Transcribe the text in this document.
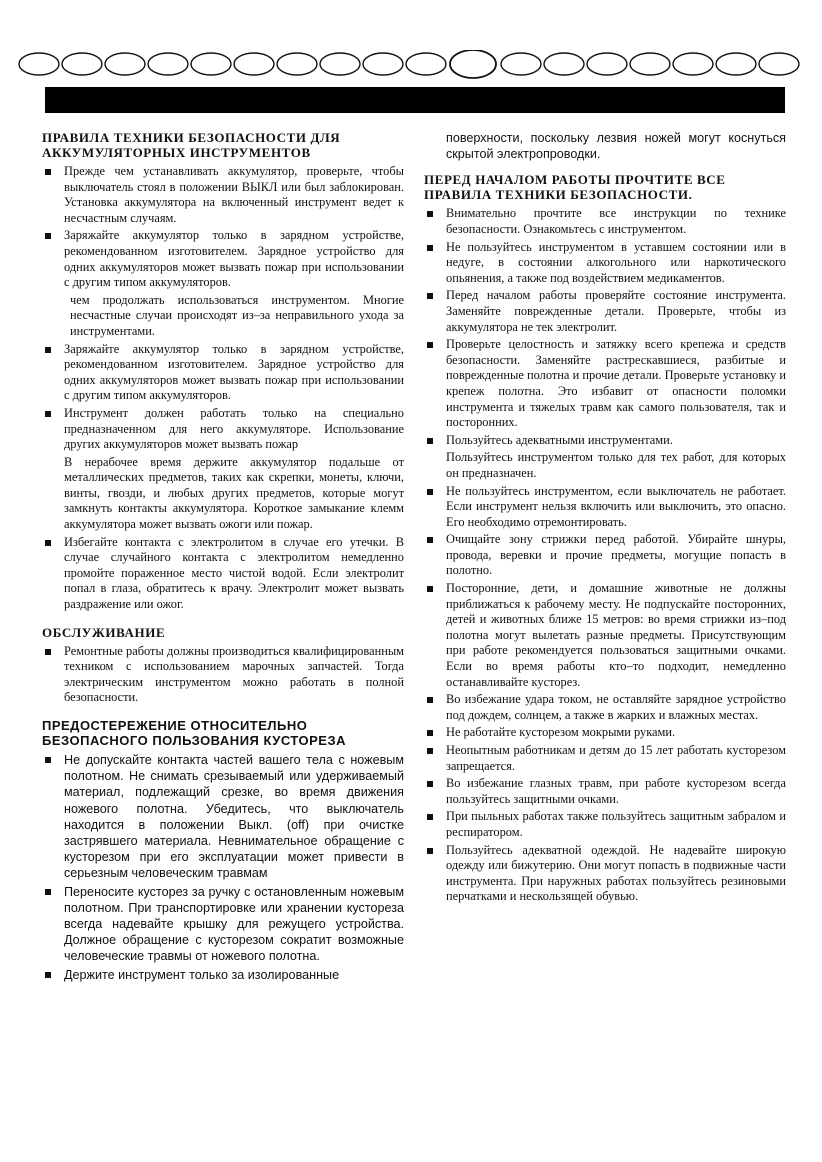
ПРАВИЛА ТЕХНИКИ БЕЗОПАСНОСТИ ДЛЯ АККУМУЛЯТОРНЫХ ИНСТРУМЕНТОВ
Прежде чем устанавливать аккумулятор, проверьте, чтобы выключатель стоял в положении ВЫКЛ или был заблокирован. Установка аккумулятора на включенный инструмент ведет к несчастным случаям.
Заряжайте аккумулятор только в зарядном устройстве, рекомендованном изготовителем. Зарядное устройство для одних аккумуляторов может вызвать пожар при использовании с другим типом аккумуляторов.
чем продолжать использоваться инструментом. Многие несчастные случаи происходят из–за неправильного ухода за инструментами.
Заряжайте аккумулятор только в зарядном устройстве, рекомендованном изготовителем. Зарядное устройство для одних аккумуляторов может вызвать пожар при использовании с другим типом аккумуляторов.
Инструмент должен работать только на специально предназначенном для него аккумуляторе. Использование других аккумуляторов может вызвать пожар
В нерабочее время держите аккумулятор подальше от металлических предметов, таких как скрепки, монеты, ключи, винты, гвозди, и любых других предметов, которые могут замкнуть контакты аккумулятора. Короткое замыкание клемм аккумулятора может вызвать ожоги или пожар.
Избегайте контакта с электролитом в случае его утечки. В случае случайного контакта с электролитом немедленно промойте пораженное место чистой водой. Если электролит попал в глаза, обратитесь к врачу. Электролит может вызвать раздражение или ожог.
ОБСЛУЖИВАНИЕ
Ремонтные работы должны производиться квалифицированным техником с использованием марочных запчастей. Тогда электрическим инструментом можно работать в полной безопасности.
ПРЕДОСТЕРЕЖЕНИЕ ОТНОСИТЕЛЬНО БЕЗОПАСНОГО ПОЛЬЗОВАНИЯ КУСТОРЕЗА
Не допускайте контакта частей вашего тела с ножевым полотном. Не снимать срезываемый или удерживаемый материал, подлежащий срезке, во время движения ножевого полотна. Убедитесь, что выключатель находится в положении Выкл. (off) при очистке застрявшего материала. Невнимательное обращение с кусторезом при его эксплуатации может привести в серьезным человеческим травмам
Переносите кусторез за ручку с остановленным ножевым полотном. При транспортировке или хранении кустореза всегда надевайте крышку для режущего устройства. Должное обращение с кусторезом сократит возможные человеческие травмы от ножевого полотна.
Держите инструмент только за изолированные
поверхности, поскольку лезвия ножей могут коснуться скрытой электропроводки.
ПЕРЕД НАЧАЛОМ РАБОТЫ ПРОЧТИТЕ ВСЕ ПРАВИЛА ТЕХНИКИ БЕЗОПАСНОСТИ.
Внимательно прочтите все инструкции по технике безопасности. Ознакомьтесь с инструментом.
Не пользуйтесь инструментом в уставшем состоянии или в недуге, в состоянии алкогольного или наркотического опьянения, а также под воздействием медикаментов.
Перед началом работы проверяйте состояние инструмента. Заменяйте поврежденные детали. Проверьте, чтобы из аккумулятора не тек электролит.
Проверьте целостность и затяжку всего крепежа и средств безопасности. Заменяйте растрескавшиеся, разбитые и поврежденные полотна и прочие детали. Проверьте установку и крепеж полотна. Это избавит от опасности поломки инструмента и тяжелых травм как самого пользователя, так и посторонних.
Пользуйтесь адекватными инструментами.
Пользуйтесь инструментом только для тех работ, для которых он предназначен.
Не пользуйтесь инструментом, если выключатель не работает. Если инструмент нельзя включить или выключить, это опасно. Его необходимо отремонтировать.
Очищайте зону стрижки перед работой. Убирайте шнуры, провода, веревки и прочие предметы, могущие попасть в полотно.
Посторонние, дети, и домашние животные не должны приближаться к рабочему месту. Не подпускайте посторонних, детей и животных ближе 15 метров: во время стрижки из–под полотна могут вылетать разные предметы. Присутствующим при работе рекомендуется пользоваться защитными очками. Если во время работы кто–то подходит, немедленно останавливайте кусторез.
Во избежание удара током, не оставляйте зарядное устройство под дождем, солнцем, а также в жарких и влажных местах.
Не работайте кусторезом мокрыми руками.
Неопытным работникам и детям до 15 лет работать кусторезом запрещается.
Во избежание глазных травм, при работе кусторезом всегда пользуйтесь защитными очками.
При пыльных работах также пользуйтесь защитным забралом и респиратором.
Пользуйтесь адекватной одеждой. Не надевайте широкую одежду или бижутерию. Они могут попасть в подвижные части инструмента. При наружных работах пользуйтесь резиновыми перчатками и нескользящей обувью.
